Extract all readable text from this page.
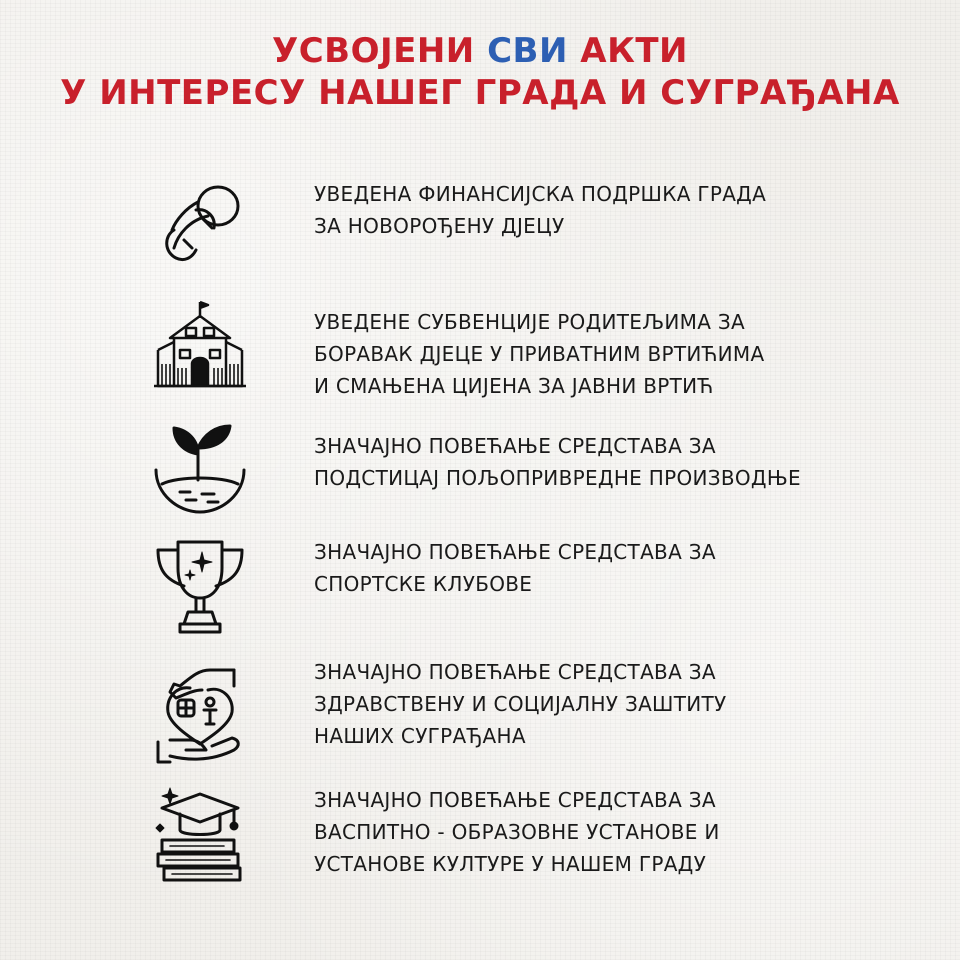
УСВОЈЕНИ СВИ АКТИ
У ИНТЕРЕСУ НАШЕГ ГРАДА И СУГРАЂАНА
УВЕДЕНА ФИНАНСИЈСКА ПОДРШКА ГРАДА
ЗА НОВОРОЂЕНУ ДЈЕЦУ
УВЕДЕНЕ СУБВЕНЦИЈЕ РОДИТЕЉИМА ЗА
БОРАВАК ДЈЕЦЕ У ПРИВАТНИМ ВРТИЋИМА
И СМАЊЕНА ЦИЈЕНА ЗА ЈАВНИ ВРТИЋ
ЗНАЧАЈНО ПОВЕЋАЊЕ СРЕДСТАВА ЗА
ПОДСТИЦАЈ ПОЉОПРИВРЕДНЕ ПРОИЗВОДЊЕ
ЗНАЧАЈНО ПОВЕЋАЊЕ СРЕДСТАВА ЗА
СПОРТСКЕ КЛУБОВЕ
ЗНАЧАЈНО ПОВЕЋАЊЕ СРЕДСТАВА ЗА
ЗДРАВСТВЕНУ И СОЦИЈАЛНУ ЗАШТИТУ
НАШИХ СУГРАЂАНА
ЗНАЧАЈНО ПОВЕЋАЊЕ СРЕДСТАВА ЗА
ВАСПИТНО - ОБРАЗОВНЕ УСТАНОВЕ И
УСТАНОВЕ КУЛТУРЕ У НАШЕМ ГРАДУ
